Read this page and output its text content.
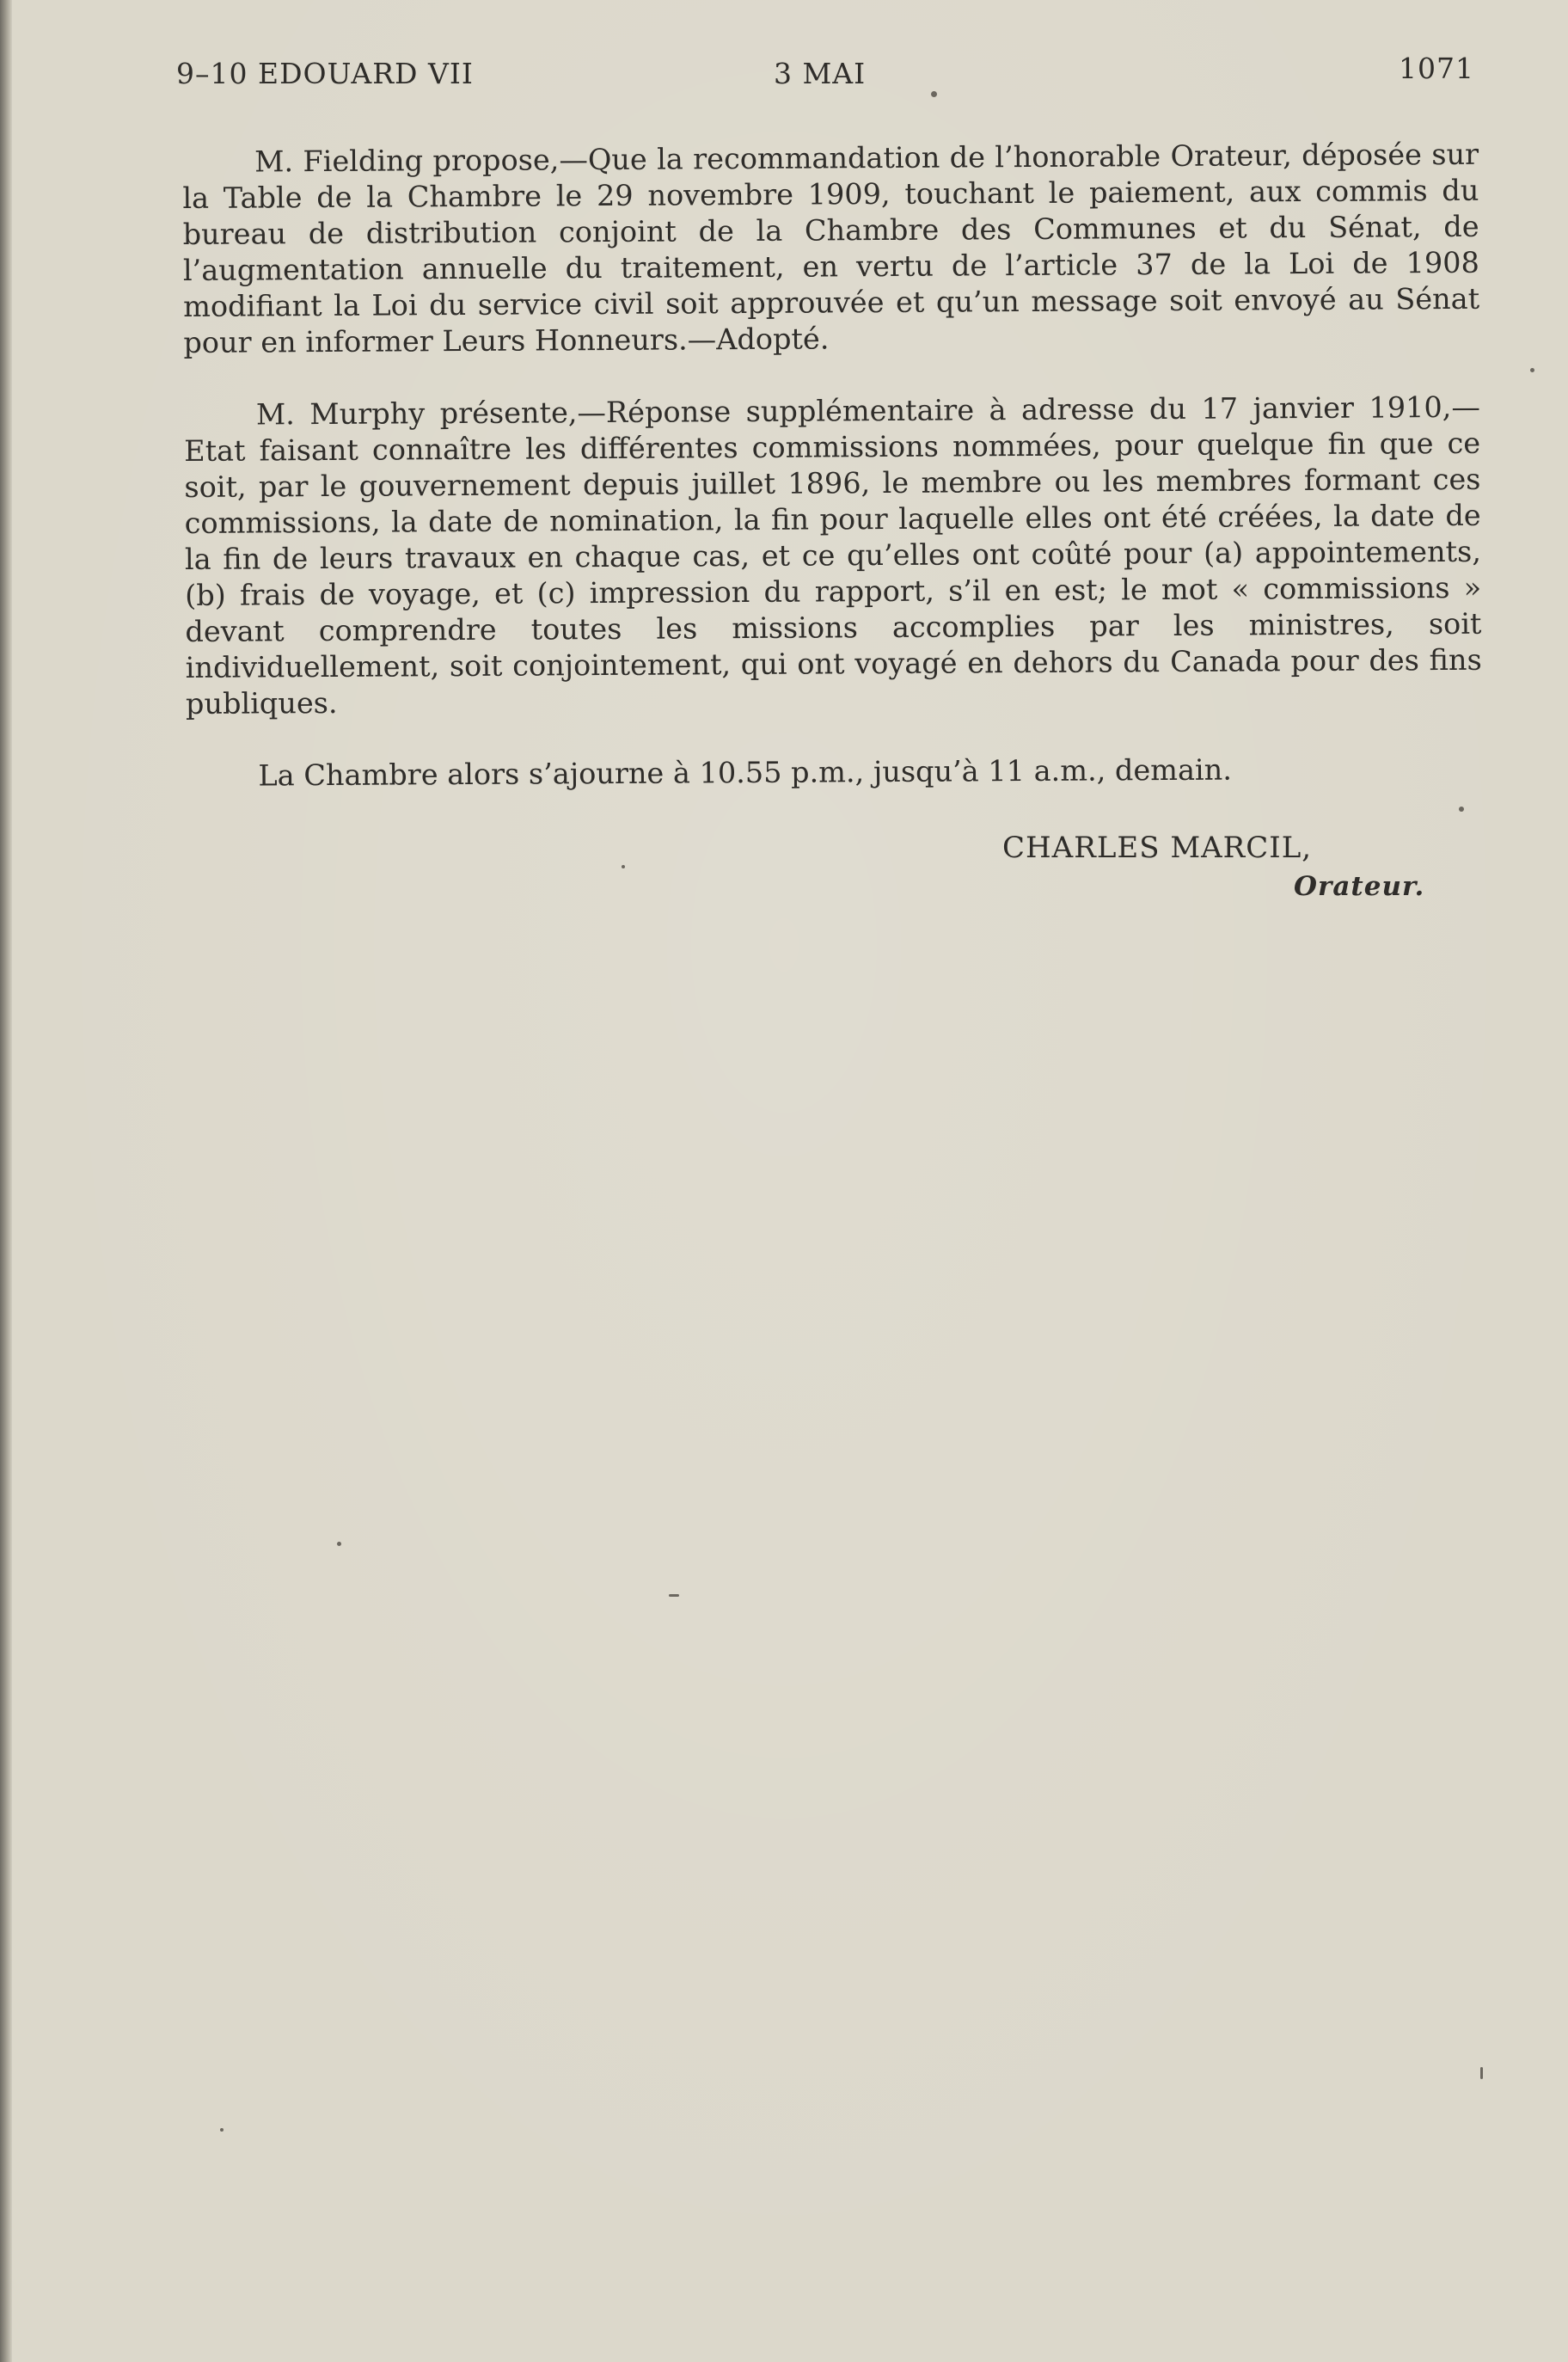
9–10 EDOUARD VII	3 MAI	1071

M. Fielding propose,—Que la recommandation de l’honorable Orateur, déposée sur la Table de la Chambre le 29 novembre 1909, touchant le paiement, aux commis du bureau de distribution conjoint de la Chambre des Communes et du Sénat, de l’augmentation annuelle du traitement, en vertu de l’article 37 de la Loi de 1908 modifiant la Loi du service civil soit approuvée et qu’un message soit envoyé au Sénat pour en informer Leurs Honneurs.—Adopté.

M. Murphy présente,—Réponse supplémentaire à adresse du 17 janvier 1910,—Etat faisant connaître les différentes commissions nommées, pour quelque fin que ce soit, par le gouvernement depuis juillet 1896, le membre ou les membres formant ces commissions, la date de nomination, la fin pour laquelle elles ont été créées, la date de la fin de leurs travaux en chaque cas, et ce qu’elles ont coûté pour (a) appointements, (b) frais de voyage, et (c) impression du rapport, s’il en est; le mot « commissions » devant comprendre toutes les missions accomplies par les ministres, soit individuellement, soit conjointement, qui ont voyagé en dehors du Canada pour des fins publiques.

La Chambre alors s’ajourne à 10.55 p.m., jusqu’à 11 a.m., demain.

CHARLES MARCIL,
Orateur.
